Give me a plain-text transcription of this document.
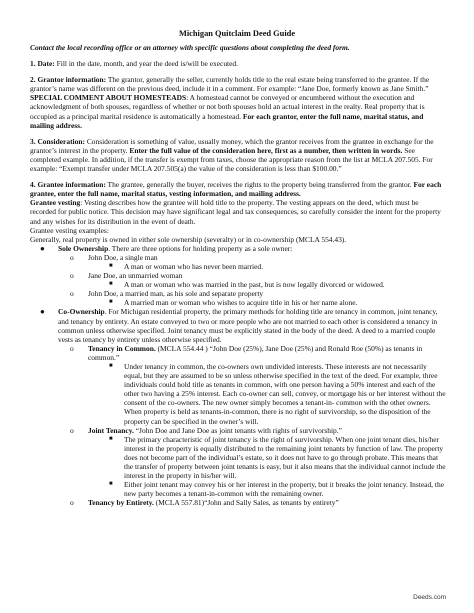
Michigan Quitclaim Deed Guide

Contact the local recording office or an attorney with specific questions about completing the deed form.

1. Date: Fill in the date, month, and year the deed is/will be executed.

2. Grantor information: The grantor, generally the seller, currently holds title to the real estate being transferred to the grantee. If the grantor’s name was different on the previous deed, include it in a comment. For example: “Jane Doe, formerly known as Jane Smith.” SPECIAL COMMENT ABOUT HOMESTEADS: A homestead cannot be conveyed or encumbered without the execution and acknowledgment of both spouses, regardless of whether or not both spouses hold an actual interest in the realty. Real property that is occupied as a principal marital residence is automatically a homestead. For each grantor, enter the full name, marital status, and mailing address.

3. Consideration: Consideration is something of value, usually money, which the grantor receives from the grantee in exchange for the grantor’s interest in the property. Enter the full value of the consideration here, first as a number, then written in words. See completed example. In addition, if the transfer is exempt from taxes, choose the appropriate reason from the list at MCLA 207.505. For example: “Exempt transfer under MCLA 207.505(a) the value of the consideration is less than $100.00.”

4. Grantee information: The grantee, generally the buyer, receives the rights to the property being transferred from the grantor. For each grantee, enter the full name, marital status, vesting information, and mailing address.
Grantee vesting: Vesting describes how the grantee will hold title to the property. The vesting appears on the deed, which must be recorded for public notice. This decision may have significant legal and tax consequences, so carefully consider the intent for the property and any wishes for its distribution in the event of death.
Grantee vesting examples:
Generally, real property is owned in either sole ownership (severalty) or in co-ownership (MCLA 554.43).

● Sole Ownership. There are three options for holding property as a sole owner:
o John Doe, a single man
■ A man or woman who has never been married.
o Jane Doe, an unmarried woman
■ A man or woman who was married in the past, but is now legally divorced or widowed.
o John Doe, a married man, as his sole and separate property
■ A married man or woman who wishes to acquire title in his or her name alone.
● Co-Ownership. For Michigan residential property, the primary methods for holding title are tenancy in common, joint tenancy, and tenancy by entirety. An estate conveyed to two or more people who are not married to each other is considered a tenancy in common unless otherwise specified. Joint tenancy must be explicitly stated in the body of the deed. A deed to a married couple vests as tenancy by entirety unless otherwise specified.
o Tenancy in Common. (MCLA 554.44 ) “John Doe (25%), Jane Doe (25%) and Ronald Roe (50%) as tenants in common.”
■ Under tenancy in common, the co-owners own undivided interests. These interests are not necessarily equal, but they are assumed to be so unless otherwise specified in the text of the deed. For example, three individuals could hold title as tenants in common, with one person having a 50% interest and each of the other two having a 25% interest. Each co-owner can sell, convey, or mortgage his or her interest without the consent of the co-owners. The new owner simply becomes a tenant-in- common with the other owners. When property is held as tenants-in-common, there is no right of survivorship, so the disposition of the property can be specified in the owner’s will.
o Joint Tenancy. “John Doe and Jane Doe as joint tenants with rights of survivorship.”
■ The primary characteristic of joint tenancy is the right of survivorship. When one joint tenant dies, his/her interest in the property is equally distributed to the remaining joint tenants by function of law. The property does not become part of the individual’s estate, so it does not have to go through probate. This means that the transfer of property between joint tenants is easy, but it also means that the individual cannot include the interest in the property in his/her will.
■ Either joint tenant may convey his or her interest in the property, but it breaks the joint tenancy. Instead, the new party becomes a tenant-in-common with the remaining owner.
o Tenancy by Entirety. (MCLA 557.81)“John and Sally Sales, as tenants by entirety”
Deeds.com
